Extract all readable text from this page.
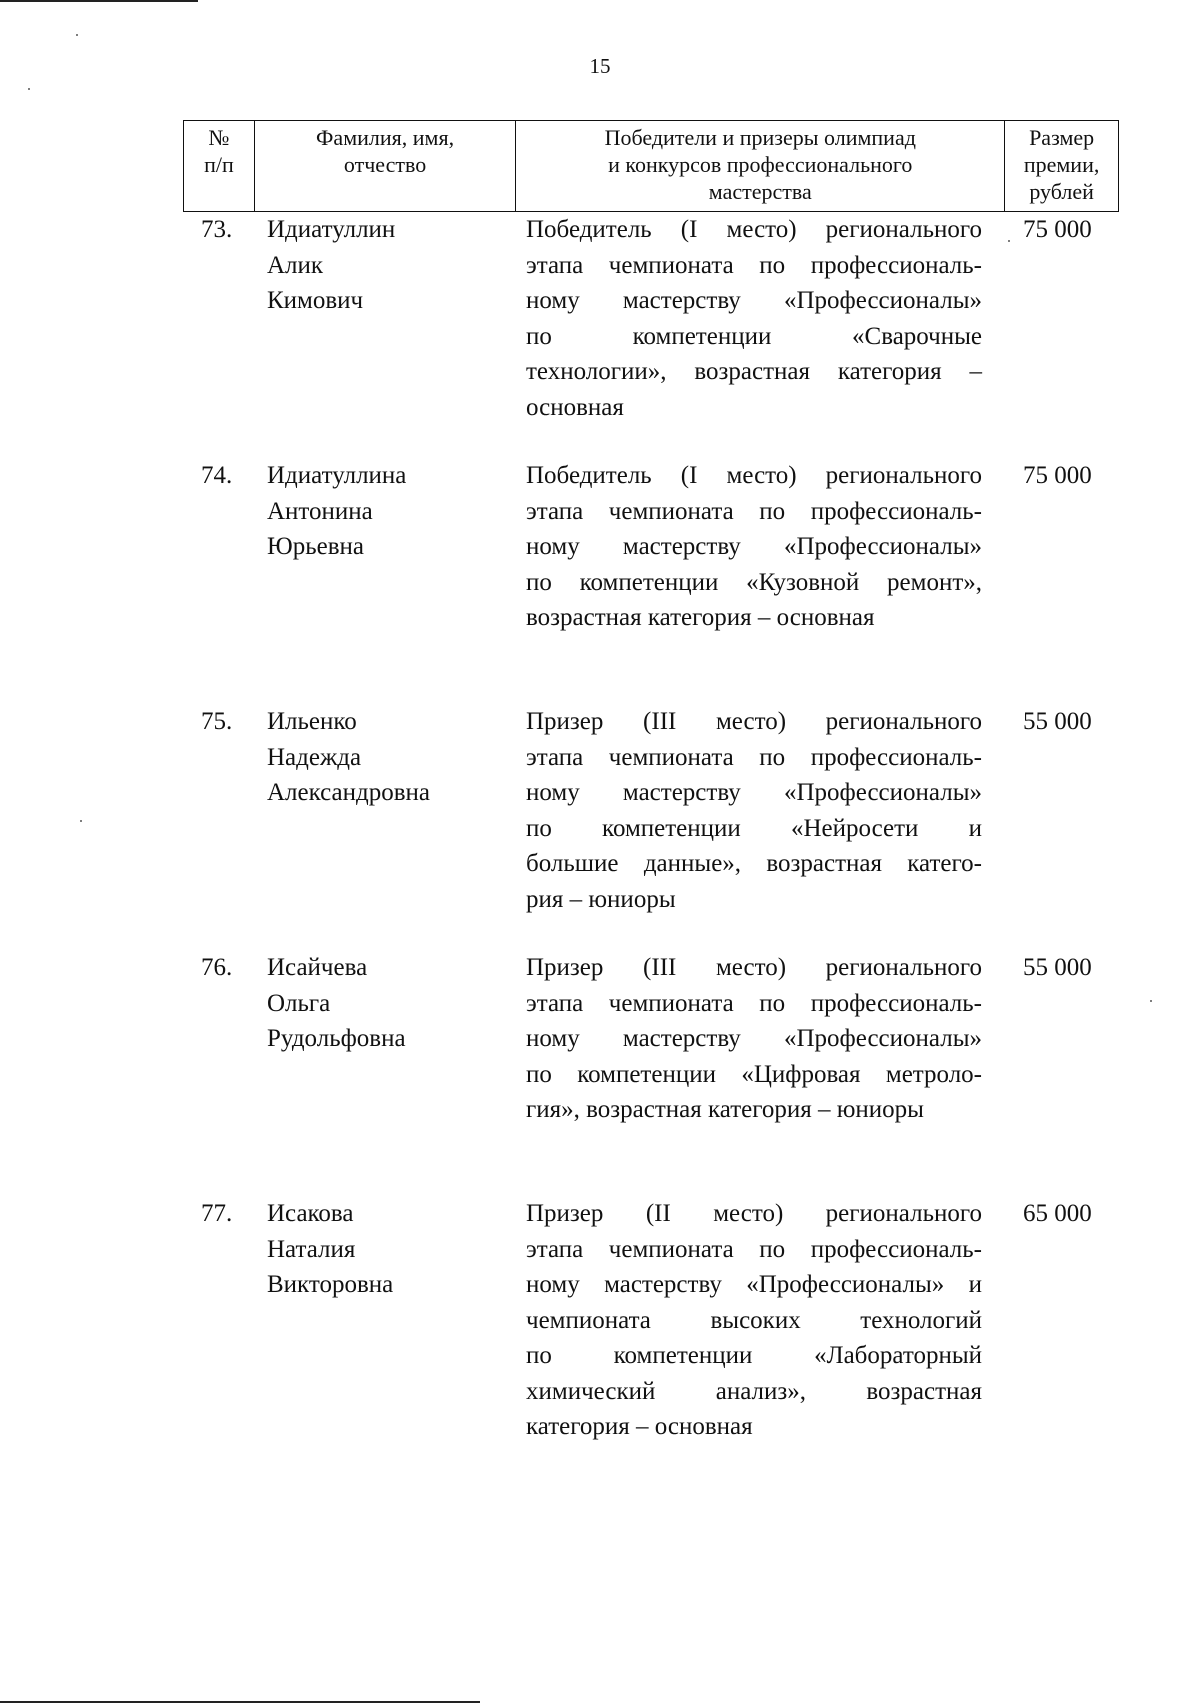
15
№
п/п
Фамилия, имя,
отчество
Победители и призеры олимпиад
и конкурсов профессионального
мастерства
Размер
премии,
рублей
73. Идиатуллин
Алик
Кимович
Победитель (I место) регионального
этапа чемпионата по профессиональ-
ному мастерству «Профессионалы»
по компетенции «Сварочные
технологии», возрастная категория –
основная
75 000
74. Идиатуллина
Антонина
Юрьевна
Победитель (I место) регионального
этапа чемпионата по профессиональ-
ному мастерству «Профессионалы»
по компетенции «Кузовной ремонт»,
возрастная категория – основная
75 000
75. Ильенко
Надежда
Александровна
Призер (III место) регионального
этапа чемпионата по профессиональ-
ному мастерству «Профессионалы»
по компетенции «Нейросети и
большие данные», возрастная катего-
рия – юниоры
55 000
76. Исайчева
Ольга
Рудольфовна
Призер (III место) регионального
этапа чемпионата по профессиональ-
ному мастерству «Профессионалы»
по компетенции «Цифровая метроло-
гия», возрастная категория – юниоры
55 000
77. Исакова
Наталия
Викторовна
Призер (II место) регионального
этапа чемпионата по профессиональ-
ному мастерству «Профессионалы» и
чемпионата высоких технологий
по компетенции «Лабораторный
химический анализ», возрастная
категория – основная
65 000
